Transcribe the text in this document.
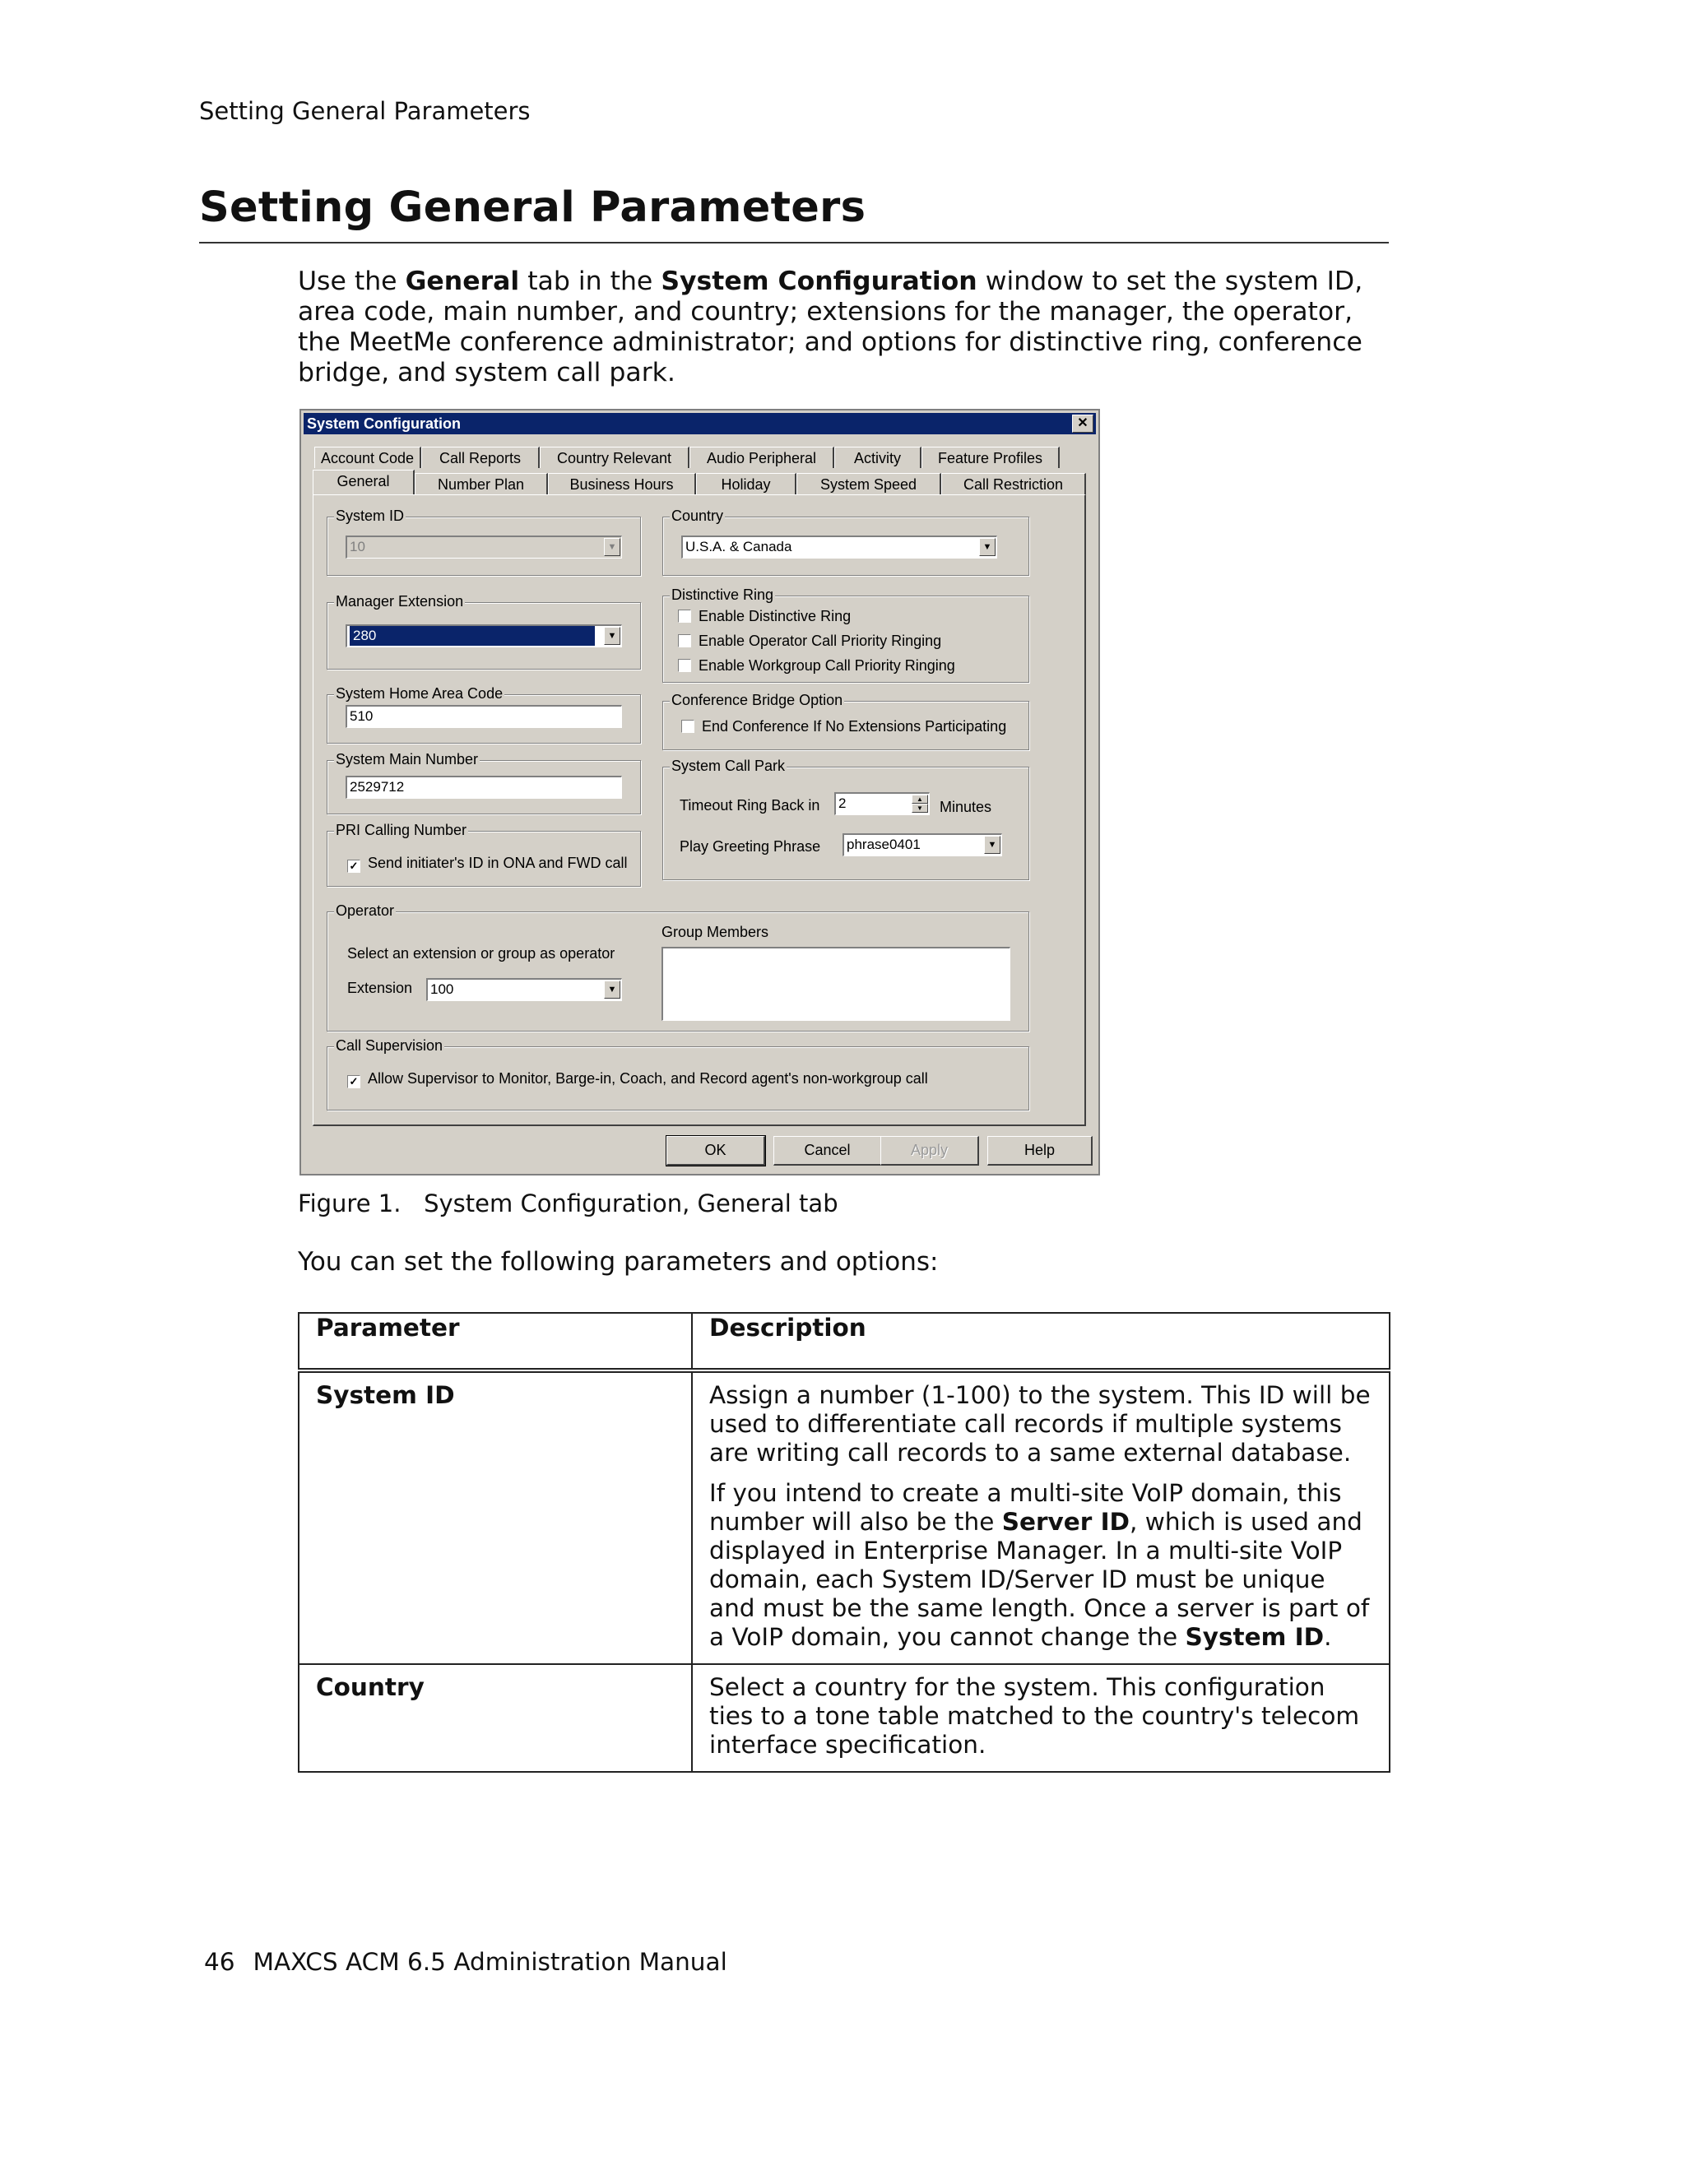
Setting General Parameters
Setting General Parameters

Use the General tab in the System Configuration window to set the system ID, area code, main number, and country; extensions for the manager, the operator, the MeetMe conference administrator; and options for distinctive ring, conference bridge, and system call park.

System Configuration	✕
Account Code	Call Reports	Country Relevant	Audio Peripheral	Activity	Feature Profiles
General	Number Plan	Business Hours	Holiday	System Speed	Call Restriction
System ID
10	▼
Manager Extension
280	▼
System Home Area Code
510
System Main Number
2529712
PRI Calling Number
✓ Send initiater's ID in ONA and FWD call
Country
U.S.A. & Canada	▼
Distinctive Ring
Enable Distinctive Ring
Enable Operator Call Priority Ringing
Enable Workgroup Call Priority Ringing
Conference Bridge Option
End Conference If No Extensions Participating
System Call Park
Timeout Ring Back in 2	▲
▼	Minutes
Play Greeting Phrase phrase0401	▼
Operator
Select an extension or group as operator
Extension 100	▼
Group Members
Call Supervision
✓ Allow Supervisor to Monitor, Barge-in, Coach, and Record agent's non-workgroup call
OK	Cancel	Apply	Help
Figure 1.   System Configuration, General tab
You can set the following parameters and options:
Parameter	Description
System ID	Assign a number (1-100) to the system. This ID will be used to differentiate call records if multiple systems are writing call records to a same external database.

If you intend to create a multi-site VoIP domain, this number will also be the Server ID, which is used and displayed in Enterprise Manager. In a multi-site VoIP domain, each System ID/Server ID must be unique and must be the same length. Once a server is part of a VoIP domain, you cannot change the System ID.

Country	Select a country for the system. This configuration ties to a tone table matched to the country's telecom interface specification.

46 MAXCS ACM 6.5 Administration Manual
